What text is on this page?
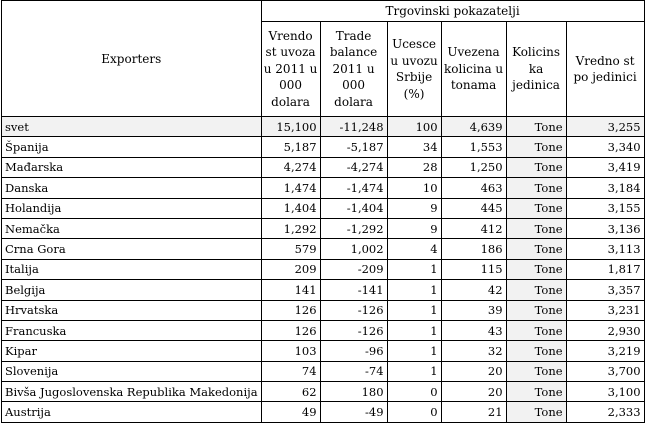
Exporters	Trgovinski pokazatelji					
	Vrendo st uvoza u 2011 u 000 dolara	Trade balance 2011 u 000 dolara	Ucesce u uvozu Srbije (%)	Uvezena kolicina u tonama	Kolicins ka jedinica	Vredno st po jedinici
svet	15,100	-11,248	100	4,639	Tone	3,255
Španija	5,187	-5,187	34	1,553	Tone	3,340
Mađarska	4,274	-4,274	28	1,250	Tone	3,419
Danska	1,474	-1,474	10	463	Tone	3,184
Holandija	1,404	-1,404	9	445	Tone	3,155
Nemačka	1,292	-1,292	9	412	Tone	3,136
Crna Gora	579	1,002	4	186	Tone	3,113
Italija	209	-209	1	115	Tone	1,817
Belgija	141	-141	1	42	Tone	3,357
Hrvatska	126	-126	1	39	Tone	3,231
Francuska	126	-126	1	43	Tone	2,930
Kipar	103	-96	1	32	Tone	3,219
Slovenija	74	-74	1	20	Tone	3,700
Bivša Jugoslovenska Republika Makedonija	62	180	0	20	Tone	3,100
Austrija	49	-49	0	21	Tone	2,333
